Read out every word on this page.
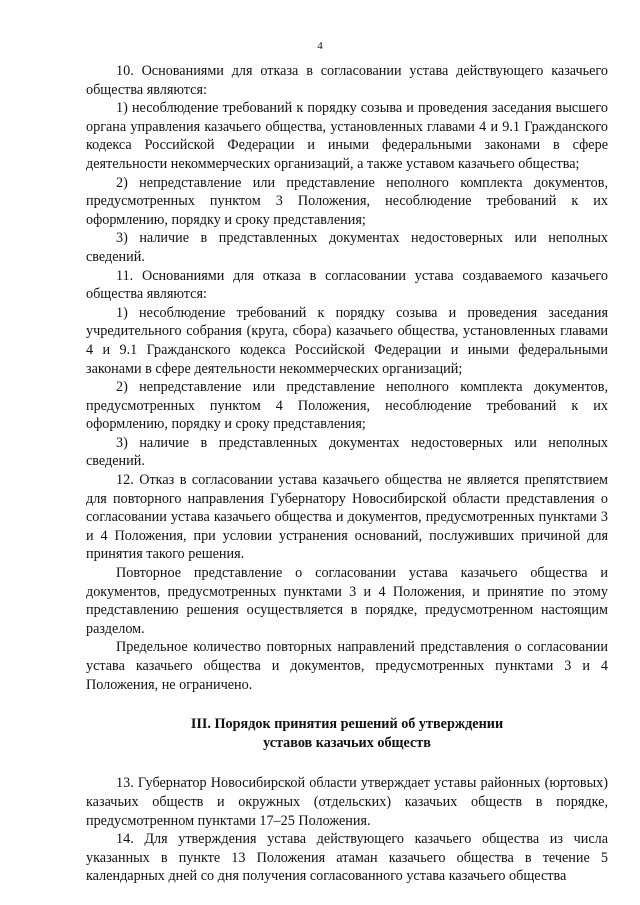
4

10. Основаниями для отказа в согласовании устава действующего казачьего общества являются:

1) несоблюдение требований к порядку созыва и проведения заседания высшего органа управления казачьего общества, установленных главами 4 и 9.1 Гражданского кодекса Российской Федерации и иными федеральными законами в сфере деятельности некоммерческих организаций, а также уставом казачьего общества;

2) непредставление или представление неполного комплекта документов, предусмотренных пунктом 3 Положения, несоблюдение требований к их оформлению, порядку и сроку представления;

3) наличие в представленных документах недостоверных или неполных сведений.

11. Основаниями для отказа в согласовании устава создаваемого казачьего общества являются:

1) несоблюдение требований к порядку созыва и проведения заседания учредительного собрания (круга, сбора) казачьего общества, установленных главами 4 и 9.1 Гражданского кодекса Российской Федерации и иными федеральными законами в сфере деятельности некоммерческих организаций;

2) непредставление или представление неполного комплекта документов, предусмотренных пунктом 4 Положения, несоблюдение требований к их оформлению, порядку и сроку представления;

3) наличие в представленных документах недостоверных или неполных сведений.

12. Отказ в согласовании устава казачьего общества не является препятствием для повторного направления Губернатору Новосибирской области представления о согласовании устава казачьего общества и документов, предусмотренных пунктами 3 и 4 Положения, при условии устранения оснований, послуживших причиной для принятия такого решения.

Повторное представление о согласовании устава казачьего общества и документов, предусмотренных пунктами 3 и 4 Положения, и принятие по этому представлению решения осуществляется в порядке, предусмотренном настоящим разделом.

Предельное количество повторных направлений представления о согласовании устава казачьего общества и документов, предусмотренных пунктами 3 и 4 Положения, не ограничено.

III. Порядок принятия решений об утверждении
уставов казачьих обществ

13. Губернатор Новосибирской области утверждает уставы районных (юртовых) казачьих обществ и окружных (отдельских) казачьих обществ в порядке, предусмотренном пунктами 17–25 Положения.

14. Для утверждения устава действующего казачьего общества из числа указанных в пункте 13 Положения атаман казачьего общества в течение 5 календарных дней со дня получения согласованного устава казачьего общества
